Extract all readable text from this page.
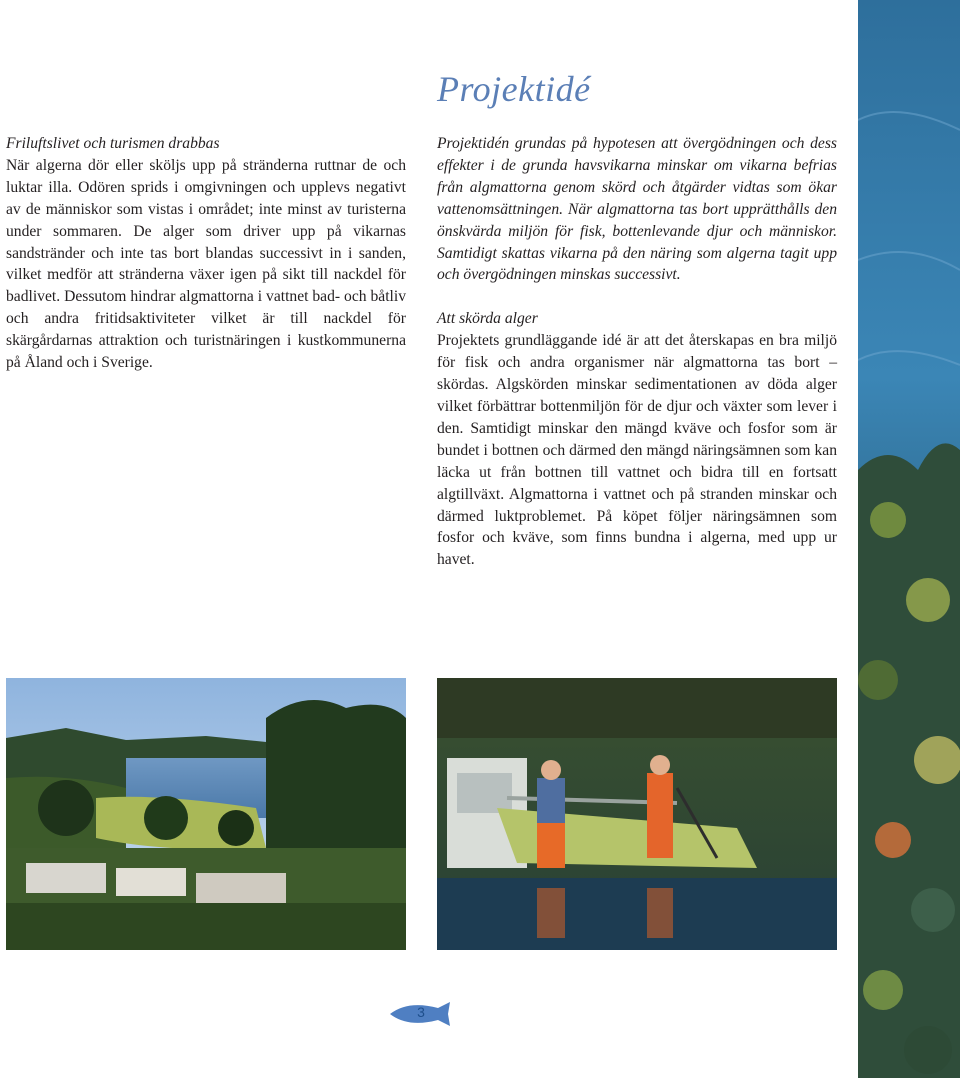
Projektidé
Friluftslivet och turismen drabbas
När algerna dör eller sköljs upp på stränderna ruttnar de och luktar illa. Odören sprids i omgivningen och upplevs negativt av de människor som vistas i området; inte minst av turisterna under sommaren. De alger som driver upp på vikarnas sandstränder och inte tas bort blandas successivt in i sanden, vilket medför att stränderna växer igen på sikt till nackdel för badlivet. Dessutom hindrar algmattorna i vattnet bad- och båtliv och andra fritidsaktiviteter vilket är till nackdel för skärgårdarnas attraktion och turistnäringen i kustkommunerna på Åland och i Sverige.
Projektidén grundas på hypotesen att övergödningen och dess effekter i de grunda havsvikarna minskar om vikarna befrias från algmattorna genom skörd och åtgärder vidtas som ökar vattenomsättningen. När algmattorna tas bort upprätthålls den önskvärda miljön för fisk, bottenlevande djur och människor. Samtidigt skattas vikarna på den näring som algerna tagit upp och övergödningen minskas successivt.
Att skörda alger
Projektets grundläggande idé är att det återskapas en bra miljö för fisk och andra organismer när algmattorna tas bort – skördas. Algskörden minskar sedimentationen av döda alger vilket förbättrar bottenmiljön för de djur och växter som lever i den. Samtidigt minskar den mängd kväve och fosfor som är bundet i bottnen och därmed den mängd näringsämnen som kan läcka ut från bottnen till vattnet och bidra till en fortsatt algtillväxt. Algmattorna i vattnet och på stranden minskar och därmed luktproblemet. På köpet följer näringsämnen som fosfor och kväve, som finns bundna i algerna, med upp ur havet.
3
